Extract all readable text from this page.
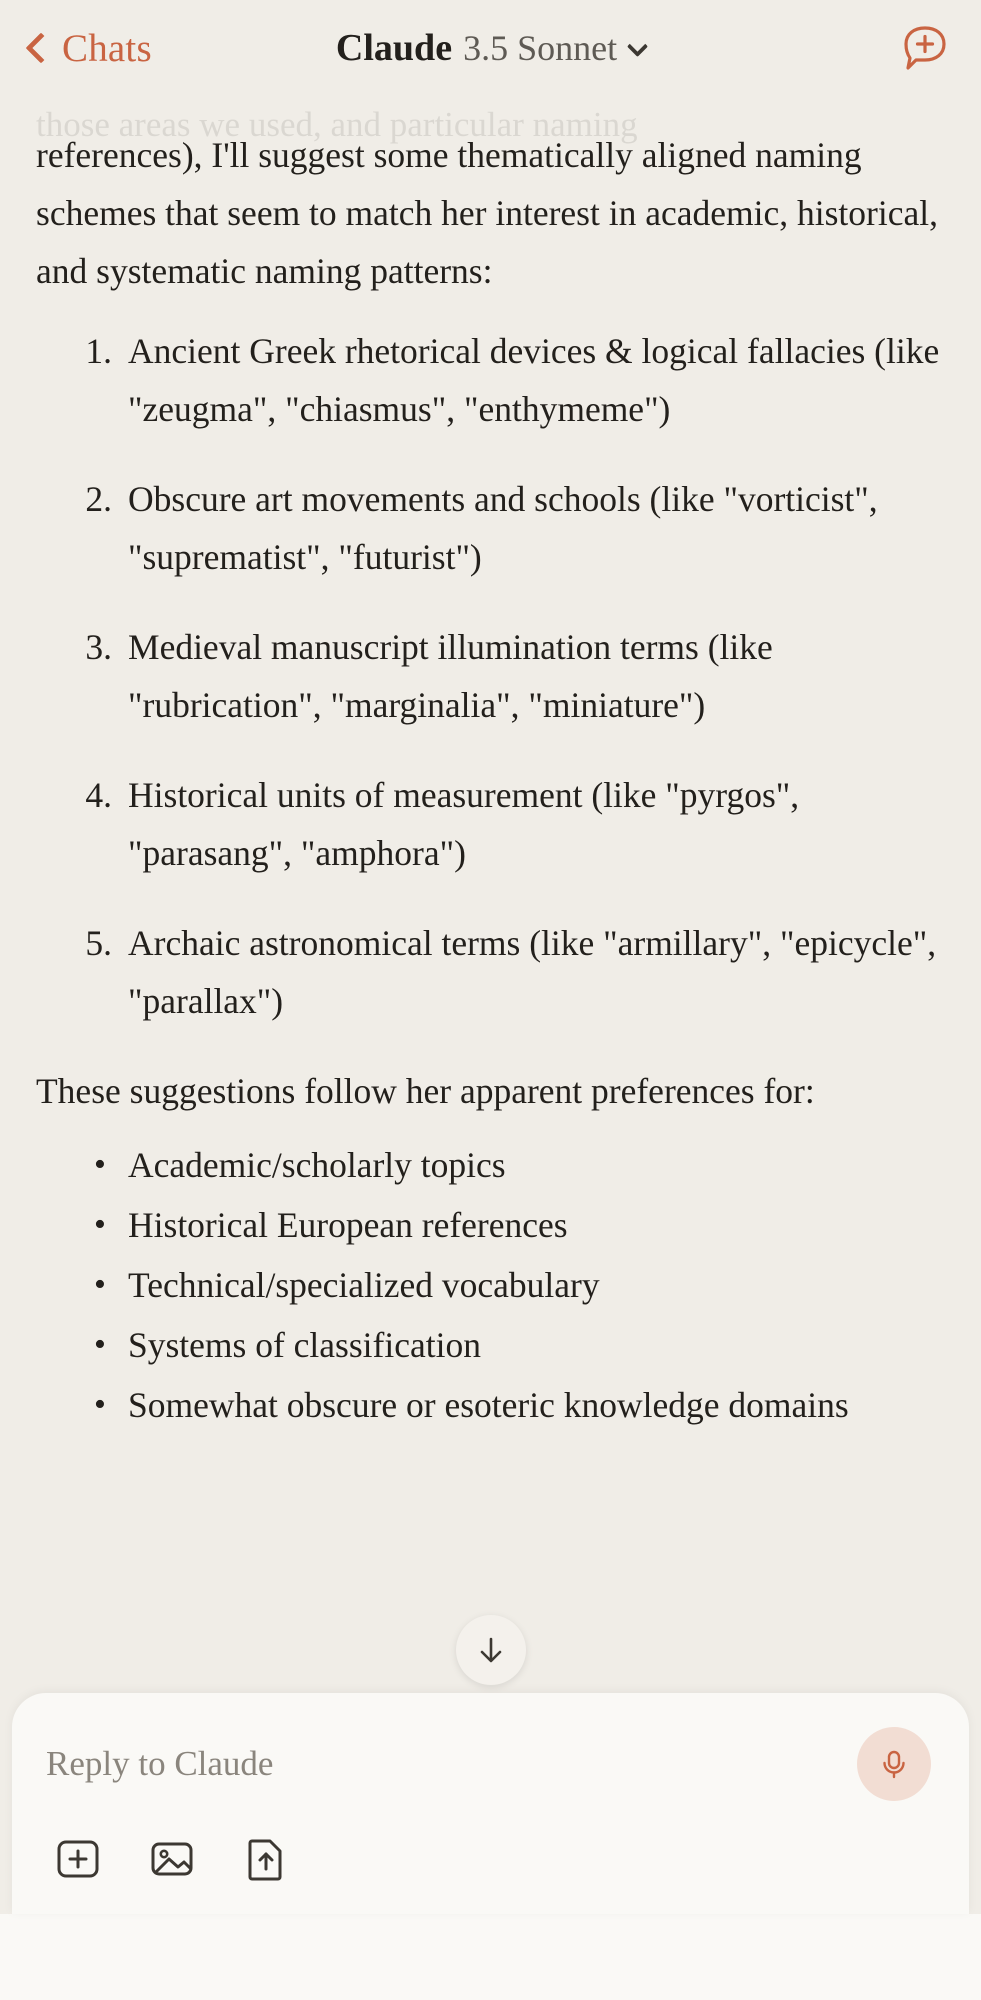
Chats	Claude 3.5 Sonnet
those areas we used, and particular naming

references), I'll suggest some thematically aligned naming schemes that seem to match her interest in academic, historical, and systematic naming patterns:

1. Ancient Greek rhetorical devices & logical fallacies (like "zeugma", "chiasmus", "enthymeme")
2. Obscure art movements and schools (like "vorticist", "suprematist", "futurist")
3. Medieval manuscript illumination terms (like "rubrication", "marginalia", "miniature")
4. Historical units of measurement (like "pyrgos", "parasang", "amphora")
5. Archaic astronomical terms (like "armillary", "epicycle", "parallax")

These suggestions follow her apparent preferences for:

• Academic/scholarly topics
• Historical European references
• Technical/specialized vocabulary
• Systems of classification
• Somewhat obscure or esoteric knowledge domains
Reply to Claude
